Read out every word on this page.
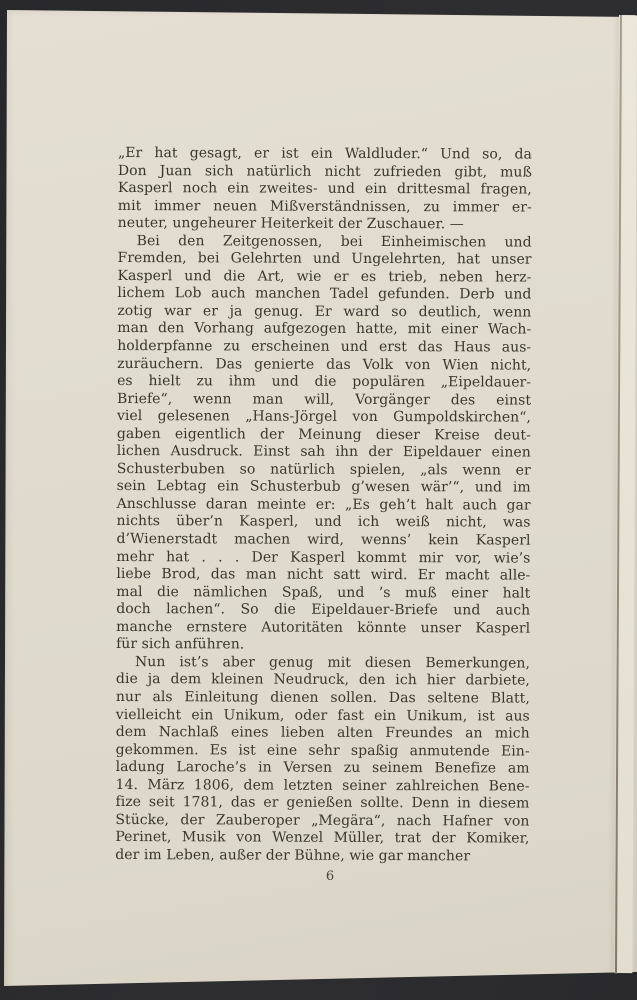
„Er hat gesagt, er ist ein Waldluder.“ Und so, da
Don Juan sich natürlich nicht zufrieden gibt, muß
Kasperl noch ein zweites- und ein drittesmal fragen,
mit immer neuen Mißverständnissen, zu immer er-
neuter, ungeheurer Heiterkeit der Zuschauer. —
Bei den Zeitgenossen, bei Einheimischen und
Fremden, bei Gelehrten und Ungelehrten, hat unser
Kasperl und die Art, wie er es trieb, neben herz-
lichem Lob auch manchen Tadel gefunden. Derb und
zotig war er ja genug. Er ward so deutlich, wenn
man den Vorhang aufgezogen hatte, mit einer Wach-
holderpfanne zu erscheinen und erst das Haus aus-
zuräuchern. Das genierte das Volk von Wien nicht,
es hielt zu ihm und die populären „Eipeldauer-
Briefe“, wenn man will, Vorgänger des einst
viel gelesenen „Hans-Jörgel von Gumpoldskirchen“,
gaben eigentlich der Meinung dieser Kreise deut-
lichen Ausdruck. Einst sah ihn der Eipeldauer einen
Schusterbuben so natürlich spielen, „als wenn er
sein Lebtag ein Schusterbub g’wesen wär’“, und im
Anschlusse daran meinte er: „Es geh’t halt auch gar
nichts über’n Kasperl, und ich weiß nicht, was
d’Wienerstadt machen wird, wenns’ kein Kasperl
mehr hat . . . Der Kasperl kommt mir vor, wie’s
liebe Brod, das man nicht satt wird. Er macht alle-
mal die nämlichen Spaß, und ’s muß einer halt
doch lachen“. So die Eipeldauer-Briefe und auch
manche ernstere Autoritäten könnte unser Kasperl
für sich anführen.
Nun ist’s aber genug mit diesen Bemerkungen,
die ja dem kleinen Neudruck, den ich hier darbiete,
nur als Einleitung dienen sollen. Das seltene Blatt,
vielleicht ein Unikum, oder fast ein Unikum, ist aus
dem Nachlaß eines lieben alten Freundes an mich
gekommen. Es ist eine sehr spaßig anmutende Ein-
ladung Laroche’s in Versen zu seinem Benefize am
14. März 1806, dem letzten seiner zahlreichen Bene-
fize seit 1781, das er genießen sollte. Denn in diesem
Stücke, der Zauberoper „Megära“, nach Hafner von
Perinet, Musik von Wenzel Müller, trat der Komiker,
der im Leben, außer der Bühne, wie gar mancher
6
